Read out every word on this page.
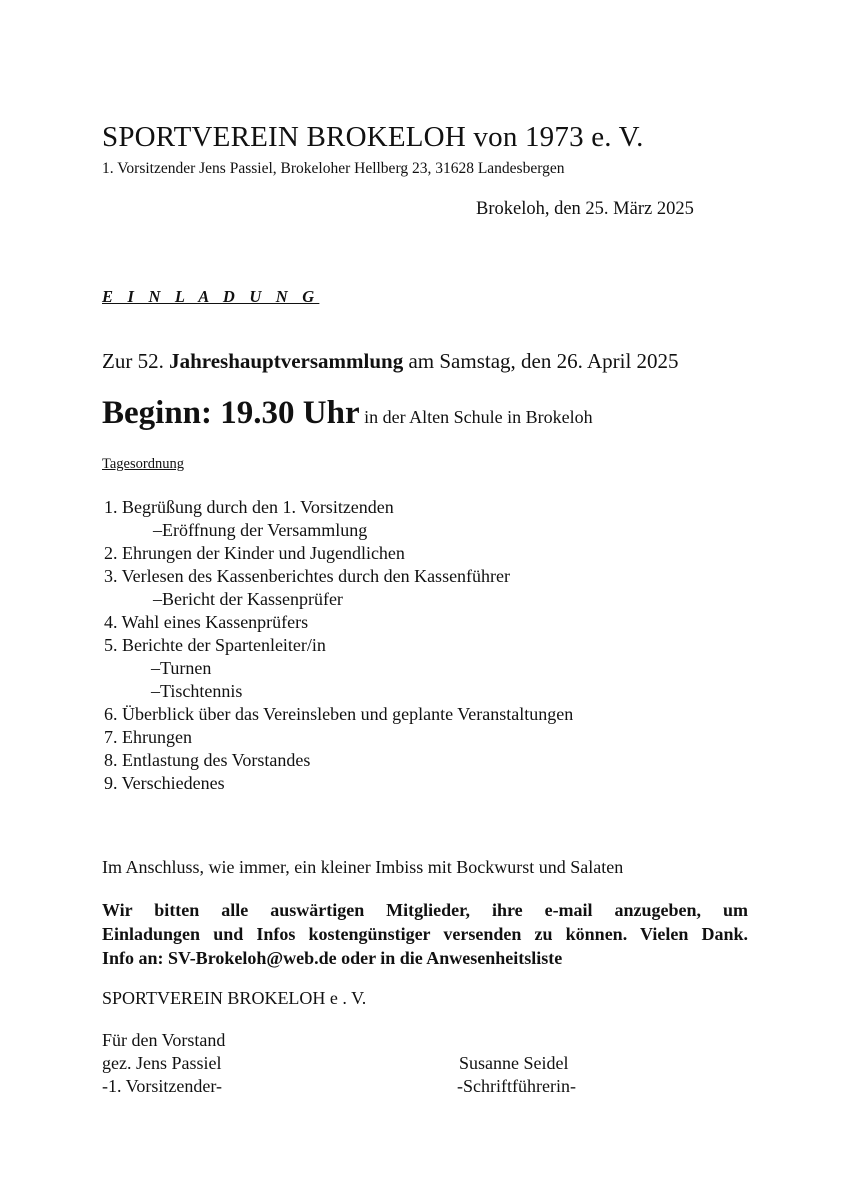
SPORTVEREIN BROKELOH von 1973 e. V.
1. Vorsitzender Jens Passiel, Brokeloher Hellberg 23, 31628 Landesbergen
Brokeloh, den 25. März 2025
E I N L A D U N G
Zur 52. Jahreshauptversammlung am Samstag, den 26. April 2025
Beginn: 19.30 Uhr in der Alten Schule in Brokeloh
Tagesordnung
1. Begrüßung durch den 1. Vorsitzenden
–Eröffnung der Versammlung
2. Ehrungen der Kinder und Jugendlichen
3. Verlesen des Kassenberichtes durch den Kassenführer
–Bericht der Kassenprüfer
4. Wahl eines Kassenprüfers
5. Berichte der Spartenleiter/in
–Turnen
–Tischtennis
6. Überblick über das Vereinsleben und geplante Veranstaltungen
7. Ehrungen
8. Entlastung des Vorstandes
9. Verschiedenes
Im Anschluss, wie immer, ein kleiner Imbiss mit Bockwurst und Salaten
Wir bitten alle auswärtigen Mitglieder, ihre e-mail anzugeben, um
Einladungen und Infos kostengünstiger versenden zu können. Vielen Dank.
Info an: SV-Brokeloh@web.de oder in die Anwesenheitsliste
SPORTVEREIN BROKELOH e . V.
Für den Vorstand
gez. Jens Passiel
-1. Vorsitzender-
Susanne Seidel
-Schriftführerin-
